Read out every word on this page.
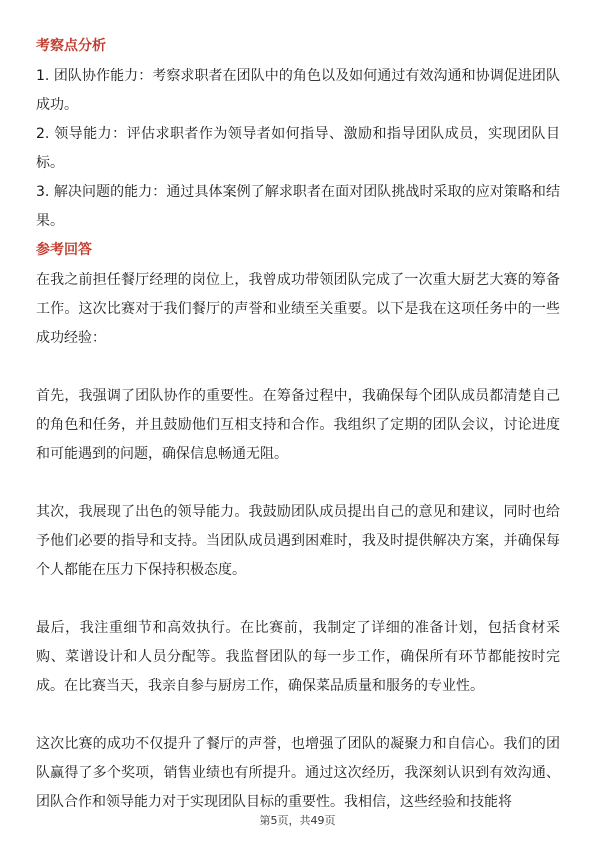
考察点分析

1. 团队协作能力：考察求职者在团队中的角色以及如何通过有效沟通和协调促进团队成功。

2. 领导能力：评估求职者作为领导者如何指导、激励和指导团队成员，实现团队目标。

3. 解决问题的能力：通过具体案例了解求职者在面对团队挑战时采取的应对策略和结果。

参考回答

在我之前担任餐厅经理的岗位上，我曾成功带领团队完成了一次重大厨艺大赛的筹备工作。这次比赛对于我们餐厅的声誉和业绩至关重要。以下是我在这项任务中的一些成功经验：

首先，我强调了团队协作的重要性。在筹备过程中，我确保每个团队成员都清楚自己的角色和任务，并且鼓励他们互相支持和合作。我组织了定期的团队会议，讨论进度和可能遇到的问题，确保信息畅通无阻。

其次，我展现了出色的领导能力。我鼓励团队成员提出自己的意见和建议，同时也给予他们必要的指导和支持。当团队成员遇到困难时，我及时提供解决方案，并确保每个人都能在压力下保持积极态度。

最后，我注重细节和高效执行。在比赛前，我制定了详细的准备计划，包括食材采购、菜谱设计和人员分配等。我监督团队的每一步工作，确保所有环节都能按时完成。在比赛当天，我亲自参与厨房工作，确保菜品质量和服务的专业性。

这次比赛的成功不仅提升了餐厅的声誉，也增强了团队的凝聚力和自信心。我们的团队赢得了多个奖项，销售业绩也有所提升。通过这次经历，我深刻认识到有效沟通、团队合作和领导能力对于实现团队目标的重要性。我相信，这些经验和技能将

第5页，共49页
